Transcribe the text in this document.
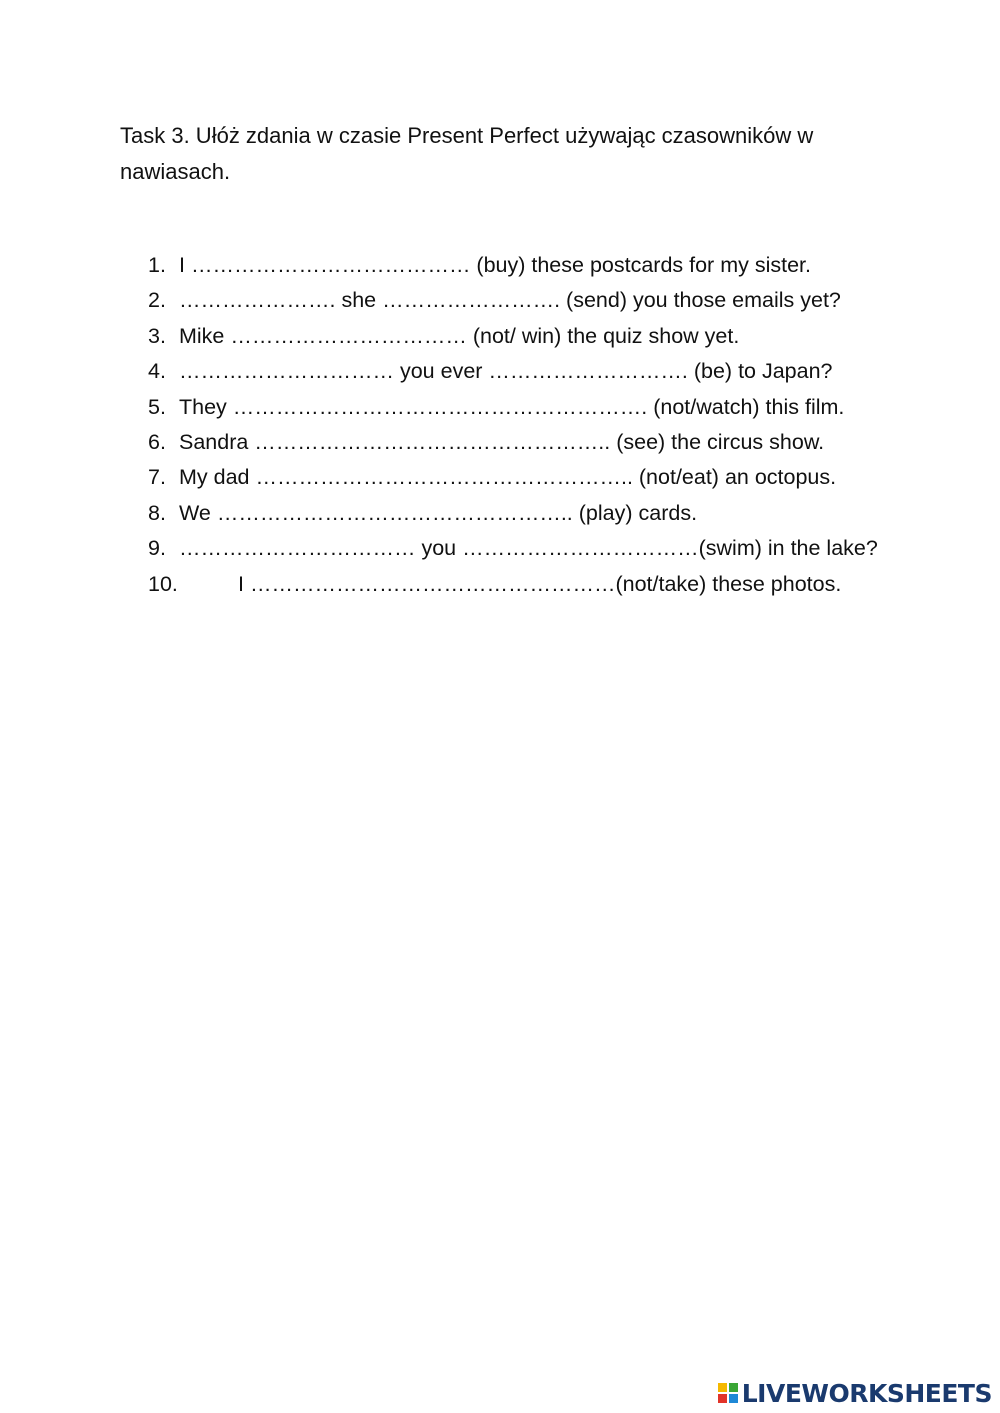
Task 3. Ułóż zdania w czasie Present Perfect używając czasowników w nawiasach.

1. I ………………………………… (buy) these postcards for my sister.
2. …………………. she ……………………. (send) you those emails yet?
3. Mike …………………………… (not/ win) the quiz show yet.
4. ………………………… you ever ………………………. (be) to Japan?
5. They …………………………………………………. (not/watch) this film.
6. Sandra ………………………………………….. (see) the circus show.
7. My dad …………………………………………….. (not/eat) an octopus.
8. We ………………………………………….. (play) cards.
9. …………………………… you ……………………………(swim) in the lake?
10.	I ……………………………………………(not/take) these photos.
LIVEWORKSHEETS
